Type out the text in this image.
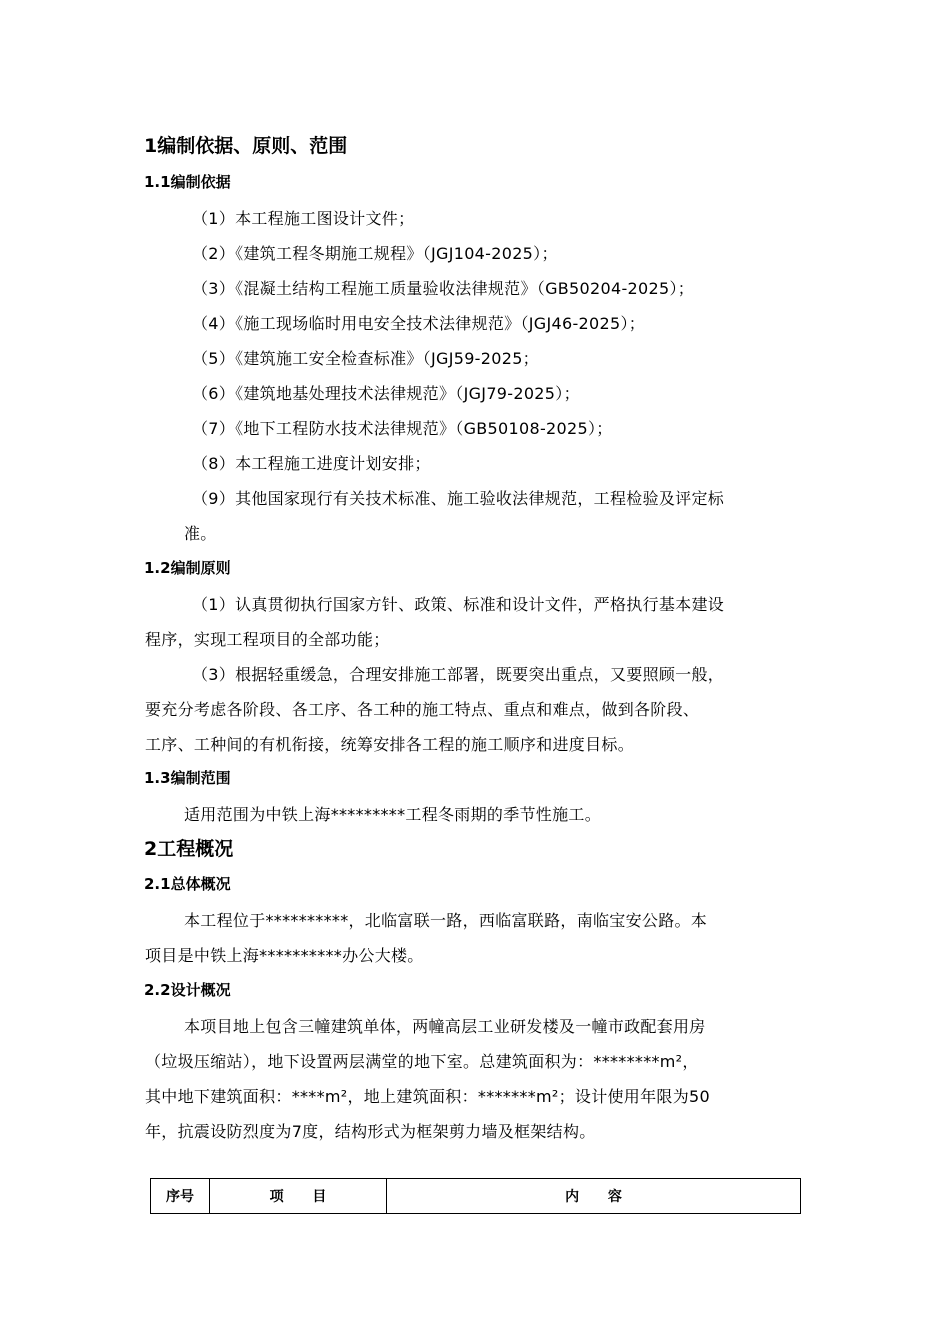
1编制依据、原则、范围
1.1编制依据
（1）本工程施工图设计文件；
（2）《建筑工程冬期施工规程》（JGJ104-2025）；
（3）《混凝土结构工程施工质量验收法律规范》（GB50204-2025）；
（4）《施工现场临时用电安全技术法律规范》（JGJ46-2025）；
（5）《建筑施工安全检查标准》（JGJ59-2025；
（6）《建筑地基处理技术法律规范》（JGJ79-2025）；
（7）《地下工程防水技术法律规范》（GB50108-2025）；
（8）本工程施工进度计划安排；
（9）其他国家现行有关技术标准、施工验收法律规范，工程检验及评定标
准。
1.2编制原则
（1）认真贯彻执行国家方针、政策、标准和设计文件，严格执行基本建设
程序，实现工程项目的全部功能；
（3）根据轻重缓急，合理安排施工部署，既要突出重点，又要照顾一般，
要充分考虑各阶段、各工序、各工种的施工特点、重点和难点，做到各阶段、
工序、工种间的有机衔接，统筹安排各工程的施工顺序和进度目标。
1.3编制范围
适用范围为中铁上海*********工程冬雨期的季节性施工。
2工程概况
2.1总体概况
本工程位于**********，北临富联一路，西临富联路，南临宝安公路。本
项目是中铁上海**********办公大楼。
2.2设计概况
本项目地上包含三幢建筑单体，两幢高层工业研发楼及一幢市政配套用房
（垃圾压缩站），地下设置两层满堂的地下室。总建筑面积为：********m²，
其中地下建筑面积：****m²，地上建筑面积：*******m²；设计使用年限为50
年，抗震设防烈度为7度，结构形式为框架剪力墙及框架结构。
序号	项 目	内 容
